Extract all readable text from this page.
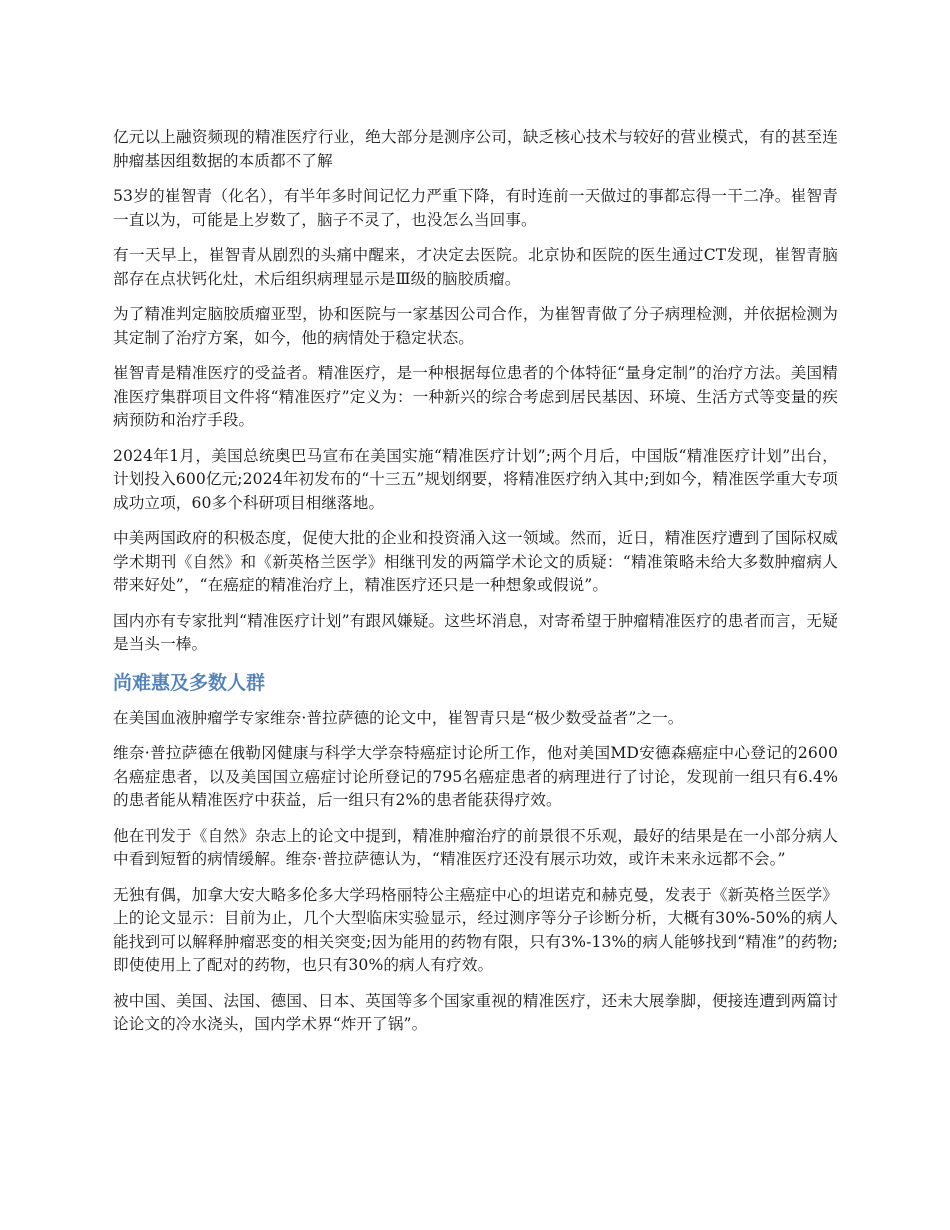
亿元以上融资频现的精准医疗行业，绝大部分是测序公司，缺乏核心技术与较好的营业模式，有的甚至连肿瘤基因组数据的本质都不了解

53岁的崔智青（化名），有半年多时间记忆力严重下降，有时连前一天做过的事都忘得一干二净。崔智青一直以为，可能是上岁数了，脑子不灵了，也没怎么当回事。

有一天早上，崔智青从剧烈的头痛中醒来，才决定去医院。北京协和医院的医生通过CT发现，崔智青脑部存在点状钙化灶，术后组织病理显示是Ⅲ级的脑胶质瘤。

为了精准判定脑胶质瘤亚型，协和医院与一家基因公司合作，为崔智青做了分子病理检测，并依据检测为其定制了治疗方案，如今，他的病情处于稳定状态。

崔智青是精准医疗的受益者。精准医疗，是一种根据每位患者的个体特征“量身定制”的治疗方法。美国精准医疗集群项目文件将“精准医疗”定义为：一种新兴的综合考虑到居民基因、环境、生活方式等变量的疾病预防和治疗手段。

2024年1月，美国总统奥巴马宣布在美国实施“精准医疗计划”;两个月后，中国版“精准医疗计划”出台，计划投入600亿元;2024年初发布的“十三五”规划纲要，将精准医疗纳入其中;到如今，精准医学重大专项成功立项，60多个科研项目相继落地。

中美两国政府的积极态度，促使大批的企业和投资涌入这一领域。然而，近日，精准医疗遭到了国际权威学术期刊《自然》和《新英格兰医学》相继刊发的两篇学术论文的质疑：“精准策略未给大多数肿瘤病人带来好处”，“在癌症的精准治疗上，精准医疗还只是一种想象或假说”。

国内亦有专家批判“精准医疗计划”有跟风嫌疑。这些坏消息，对寄希望于肿瘤精准医疗的患者而言，无疑是当头一棒。

尚难惠及多数人群

在美国血液肿瘤学专家维奈·普拉萨德的论文中，崔智青只是“极少数受益者”之一。

维奈·普拉萨德在俄勒冈健康与科学大学奈特癌症讨论所工作，他对美国MD安德森癌症中心登记的2600名癌症患者，以及美国国立癌症讨论所登记的795名癌症患者的病理进行了讨论，发现前一组只有6.4%的患者能从精准医疗中获益，后一组只有2%的患者能获得疗效。

他在刊发于《自然》杂志上的论文中提到，精准肿瘤治疗的前景很不乐观，最好的结果是在一小部分病人中看到短暂的病情缓解。维奈·普拉萨德认为，“精准医疗还没有展示功效，或许未来永远都不会。”

无独有偶，加拿大安大略多伦多大学玛格丽特公主癌症中心的坦诺克和赫克曼，发表于《新英格兰医学》上的论文显示：目前为止，几个大型临床实验显示，经过测序等分子诊断分析，大概有30%-50%的病人能找到可以解释肿瘤恶变的相关突变;因为能用的药物有限，只有3%-13%的病人能够找到“精准”的药物;即使使用上了配对的药物，也只有30%的病人有疗效。

被中国、美国、法国、德国、日本、英国等多个国家重视的精准医疗，还未大展拳脚，便接连遭到两篇讨论论文的冷水浇头，国内学术界“炸开了锅”。
